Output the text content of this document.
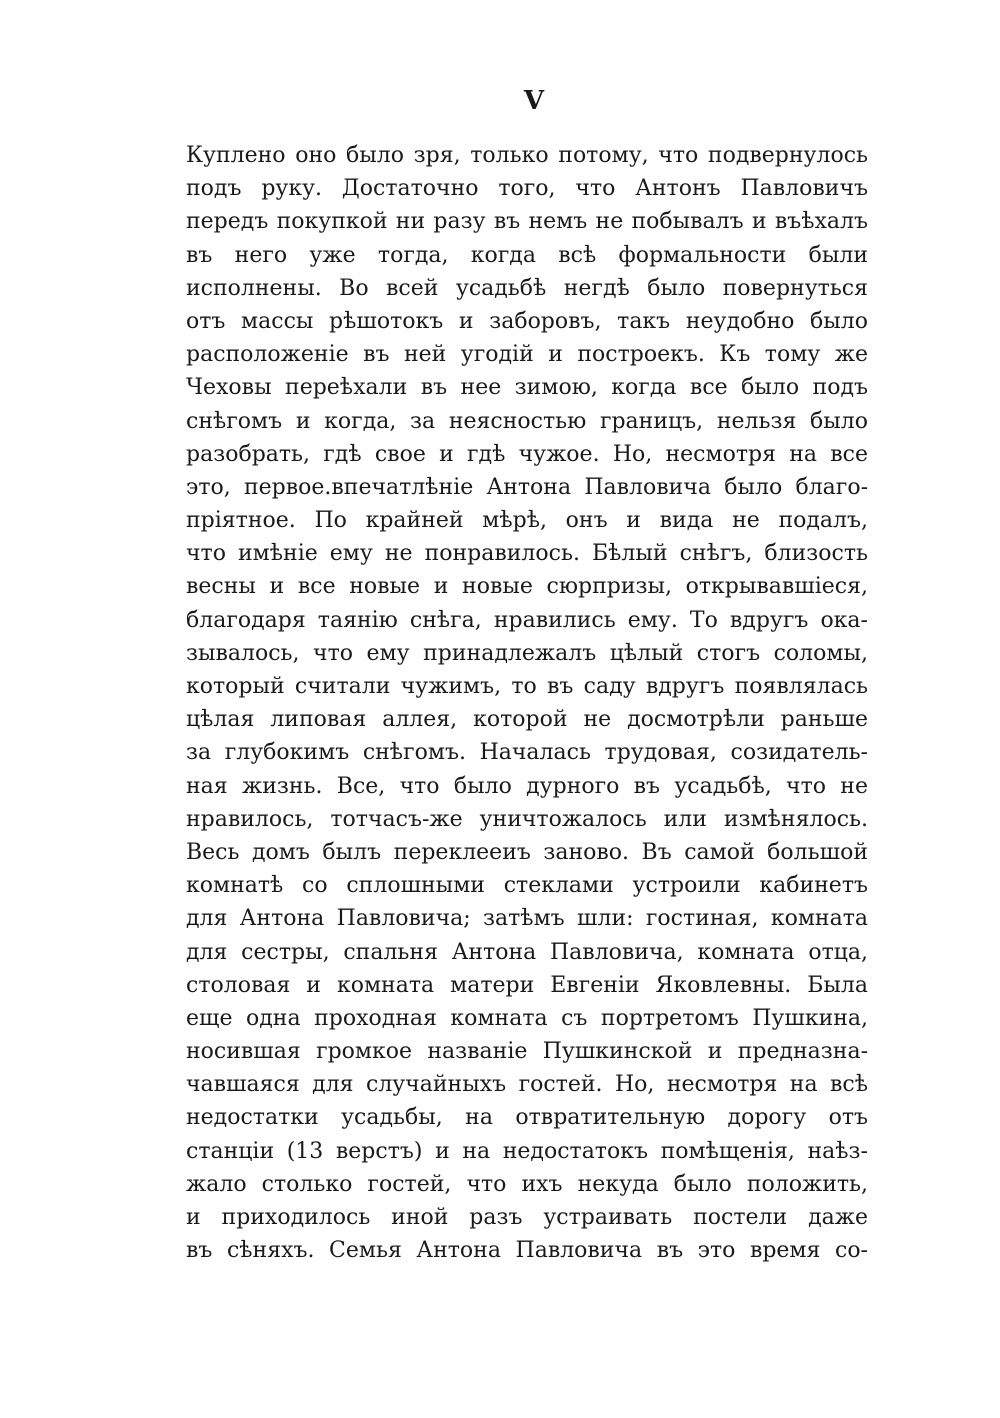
V
Куплено оно было зря, только потому, что подвернулось
подъ руку. Достаточно того, что Антонъ Павловичъ
передъ покупкой ни разу въ немъ не побывалъ и въѣхалъ
въ него уже тогда, когда всѣ формальности были
исполнены. Во всей усадьбѣ негдѣ было повернуться
отъ массы рѣшотокъ и заборовъ, такъ неудобно было
расположенiе въ ней угодiй и построекъ. Къ тому же
Чеховы переѣхали въ нее зимою, когда все было подъ
снѣгомъ и когда, за неясностью границъ, нельзя было
разобрать, гдѣ свое и гдѣ чужое. Но, несмотря на все
это, первое.впечатлѣнiе Антона Павловича было благо-
прiятное. По крайней мѣрѣ, онъ и вида не подалъ,
что имѣнiе ему не понравилось. Бѣлый снѣгъ, близость
весны и все новые и новые сюрпризы, открывавшiеся,
благодаря таянiю снѣга, нравились ему. То вдругъ ока-
зывалось, что ему принадлежалъ цѣлый стогъ соломы,
который считали чужимъ, то въ саду вдругъ появлялась
цѣлая липовая аллея, которой не досмотрѣли раньше
за глубокимъ снѣгомъ. Началась трудовая, созидатель-
ная жизнь. Все, что было дурного въ усадьбѣ, что не
нравилось, тотчасъ-же уничтожалось или измѣнялось.
Весь домъ былъ переклееиъ заново. Въ самой большой
комнатѣ со сплошными стеклами устроили кабинетъ
для Антона Павловича; затѣмъ шли: гостиная, комната
для сестры, спальня Антона Павловича, комната отца,
столовая и комната матери Евгенiи Яковлевны. Была
еще одна проходная комната съ портретомъ Пушкина,
носившая громкое названiе Пушкинской и предназна-
чавшаяся для случайныхъ гостей. Но, несмотря на всѣ
недостатки усадьбы, на отвратительную дорогу отъ
станцiи (13 верстъ) и на недостатокъ помѣщенiя, наѣз-
жало столько гостей, что ихъ некуда было положить,
и приходилось иной разъ устраивать постели даже
въ сѣняхъ. Семья Антона Павловича въ это время со-
